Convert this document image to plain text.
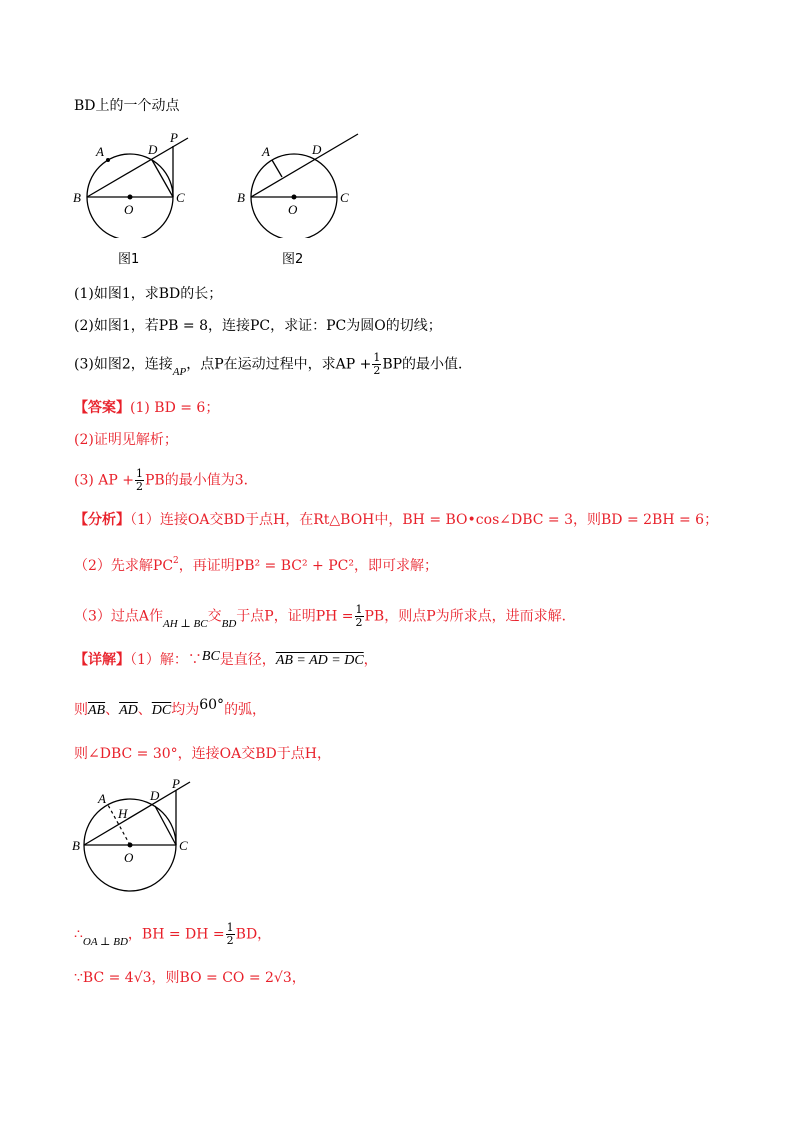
BD上的一个动点
A
B	C
D
O
P
图1
A
B	C
D
O
图2
(1)如图1，求BD的长；
(2)如图1，若PB = 8，连接PC，求证：PC为圆O的切线；
(3)如图2，连接$_{AP}$，点P在运动过程中，求AP + $\frac{1}{2}$ BP的最小值．
【答案】(1) BD = 6；
(2)证明见解析；
(3) AP + $\frac{1}{2}$ PB的最小值为3．
【分析】（1）连接OA交BD于点H，在Rt△BOH中，BH = BO•cos∠DBC = 3，则BD = 2BH = 6；
（2）先求解$PC^2$，再证明PB² = BC² + PC²，即可求解；
（3）过点A作$_{AH \perp BC}$交$_{BD}$于点P，证明PH = $\frac{1}{2}$ PB，则点P为所求点，进而求解．
【详解】（1）解：∵BC是直径，AB = AD = DC，
则$\overline{AB}$、$\overline{AD}$、$\overline{DC}$均为60°的弧，
则∠DBC = 30°，连接OA交BD于点H，
A
B	C
D
O
P
H
$\therefore_{OA \perp BD}$，BH = DH = $\frac{1}{2}$ BD，
∵BC = 4√3，则BO = CO = 2√3，
